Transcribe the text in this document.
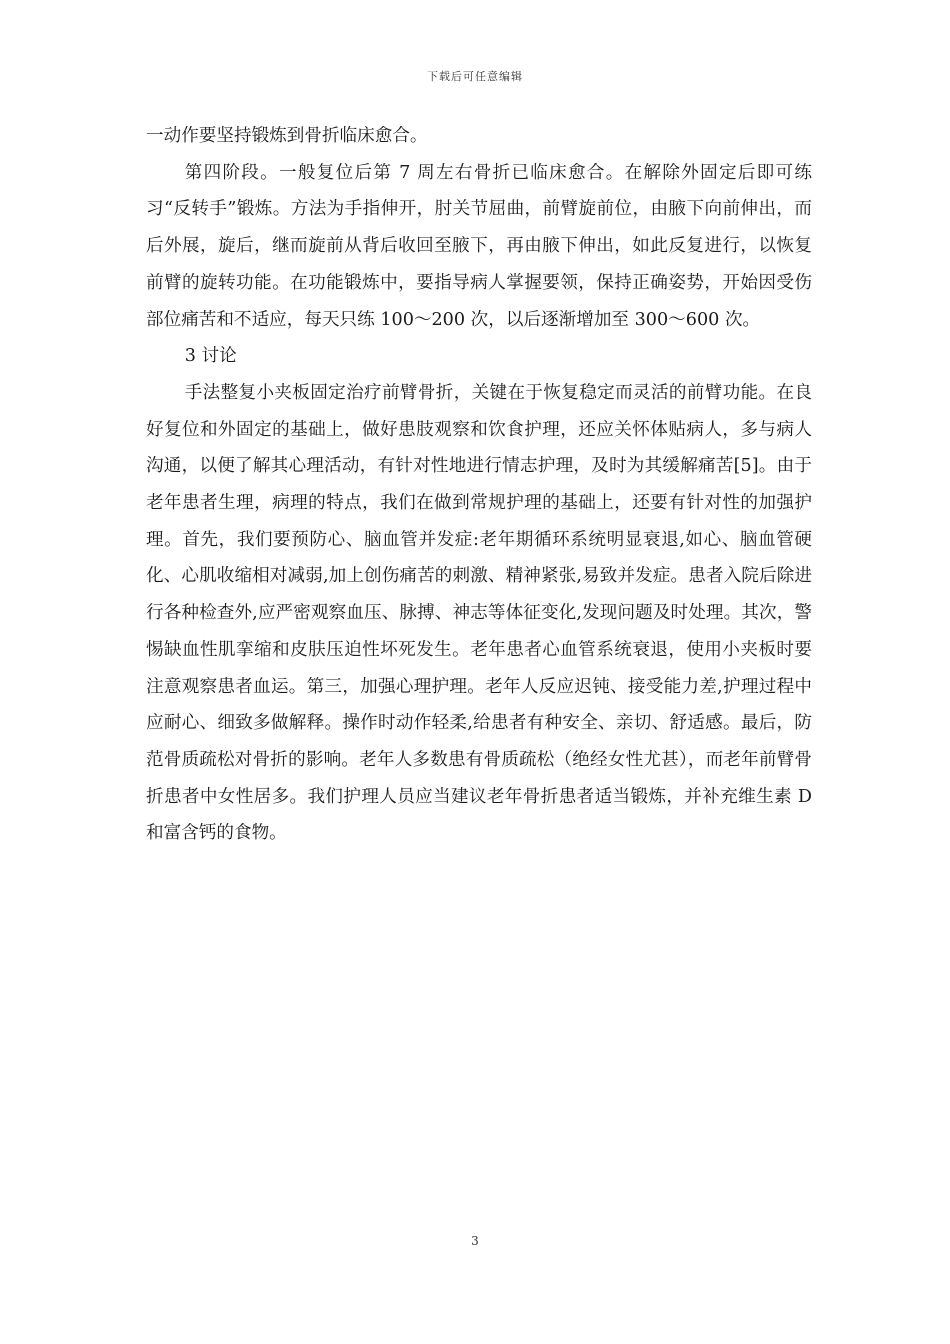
下载后可任意编辑

一动作要坚持锻炼到骨折临床愈合。

第四阶段。一般复位后第 7 周左右骨折已临床愈合。在解除外固定后即可练习“反转手”锻炼。方法为手指伸开，肘关节屈曲，前臂旋前位，由腋下向前伸出，而后外展，旋后，继而旋前从背后收回至腋下，再由腋下伸出，如此反复进行，以恢复前臂的旋转功能。在功能锻炼中，要指导病人掌握要领，保持正确姿势，开始因受伤部位痛苦和不适应，每天只练 100～200 次，以后逐渐增加至 300～600 次。

3 讨论

手法整复小夹板固定治疗前臂骨折，关键在于恢复稳定而灵活的前臂功能。在良好复位和外固定的基础上，做好患肢观察和饮食护理，还应关怀体贴病人，多与病人沟通，以便了解其心理活动，有针对性地进行情志护理，及时为其缓解痛苦[5]。由于老年患者生理，病理的特点，我们在做到常规护理的基础上，还要有针对性的加强护理。首先，我们要预防心、脑血管并发症:老年期循环系统明显衰退,如心、脑血管硬化、心肌收缩相对减弱,加上创伤痛苦的刺激、精神紧张,易致并发症。患者入院后除进行各种检查外,应严密观察血压、脉搏、神志等体征变化,发现问题及时处理。其次，警惕缺血性肌挛缩和皮肤压迫性坏死发生。老年患者心血管系统衰退，使用小夹板时要注意观察患者血运。第三，加强心理护理。老年人反应迟钝、接受能力差,护理过程中应耐心、细致多做解释。操作时动作轻柔,给患者有种安全、亲切、舒适感。最后，防范骨质疏松对骨折的影响。老年人多数患有骨质疏松（绝经女性尤甚），而老年前臂骨折患者中女性居多。我们护理人员应当建议老年骨折患者适当锻炼，并补充维生素 D 和富含钙的食物。

3
